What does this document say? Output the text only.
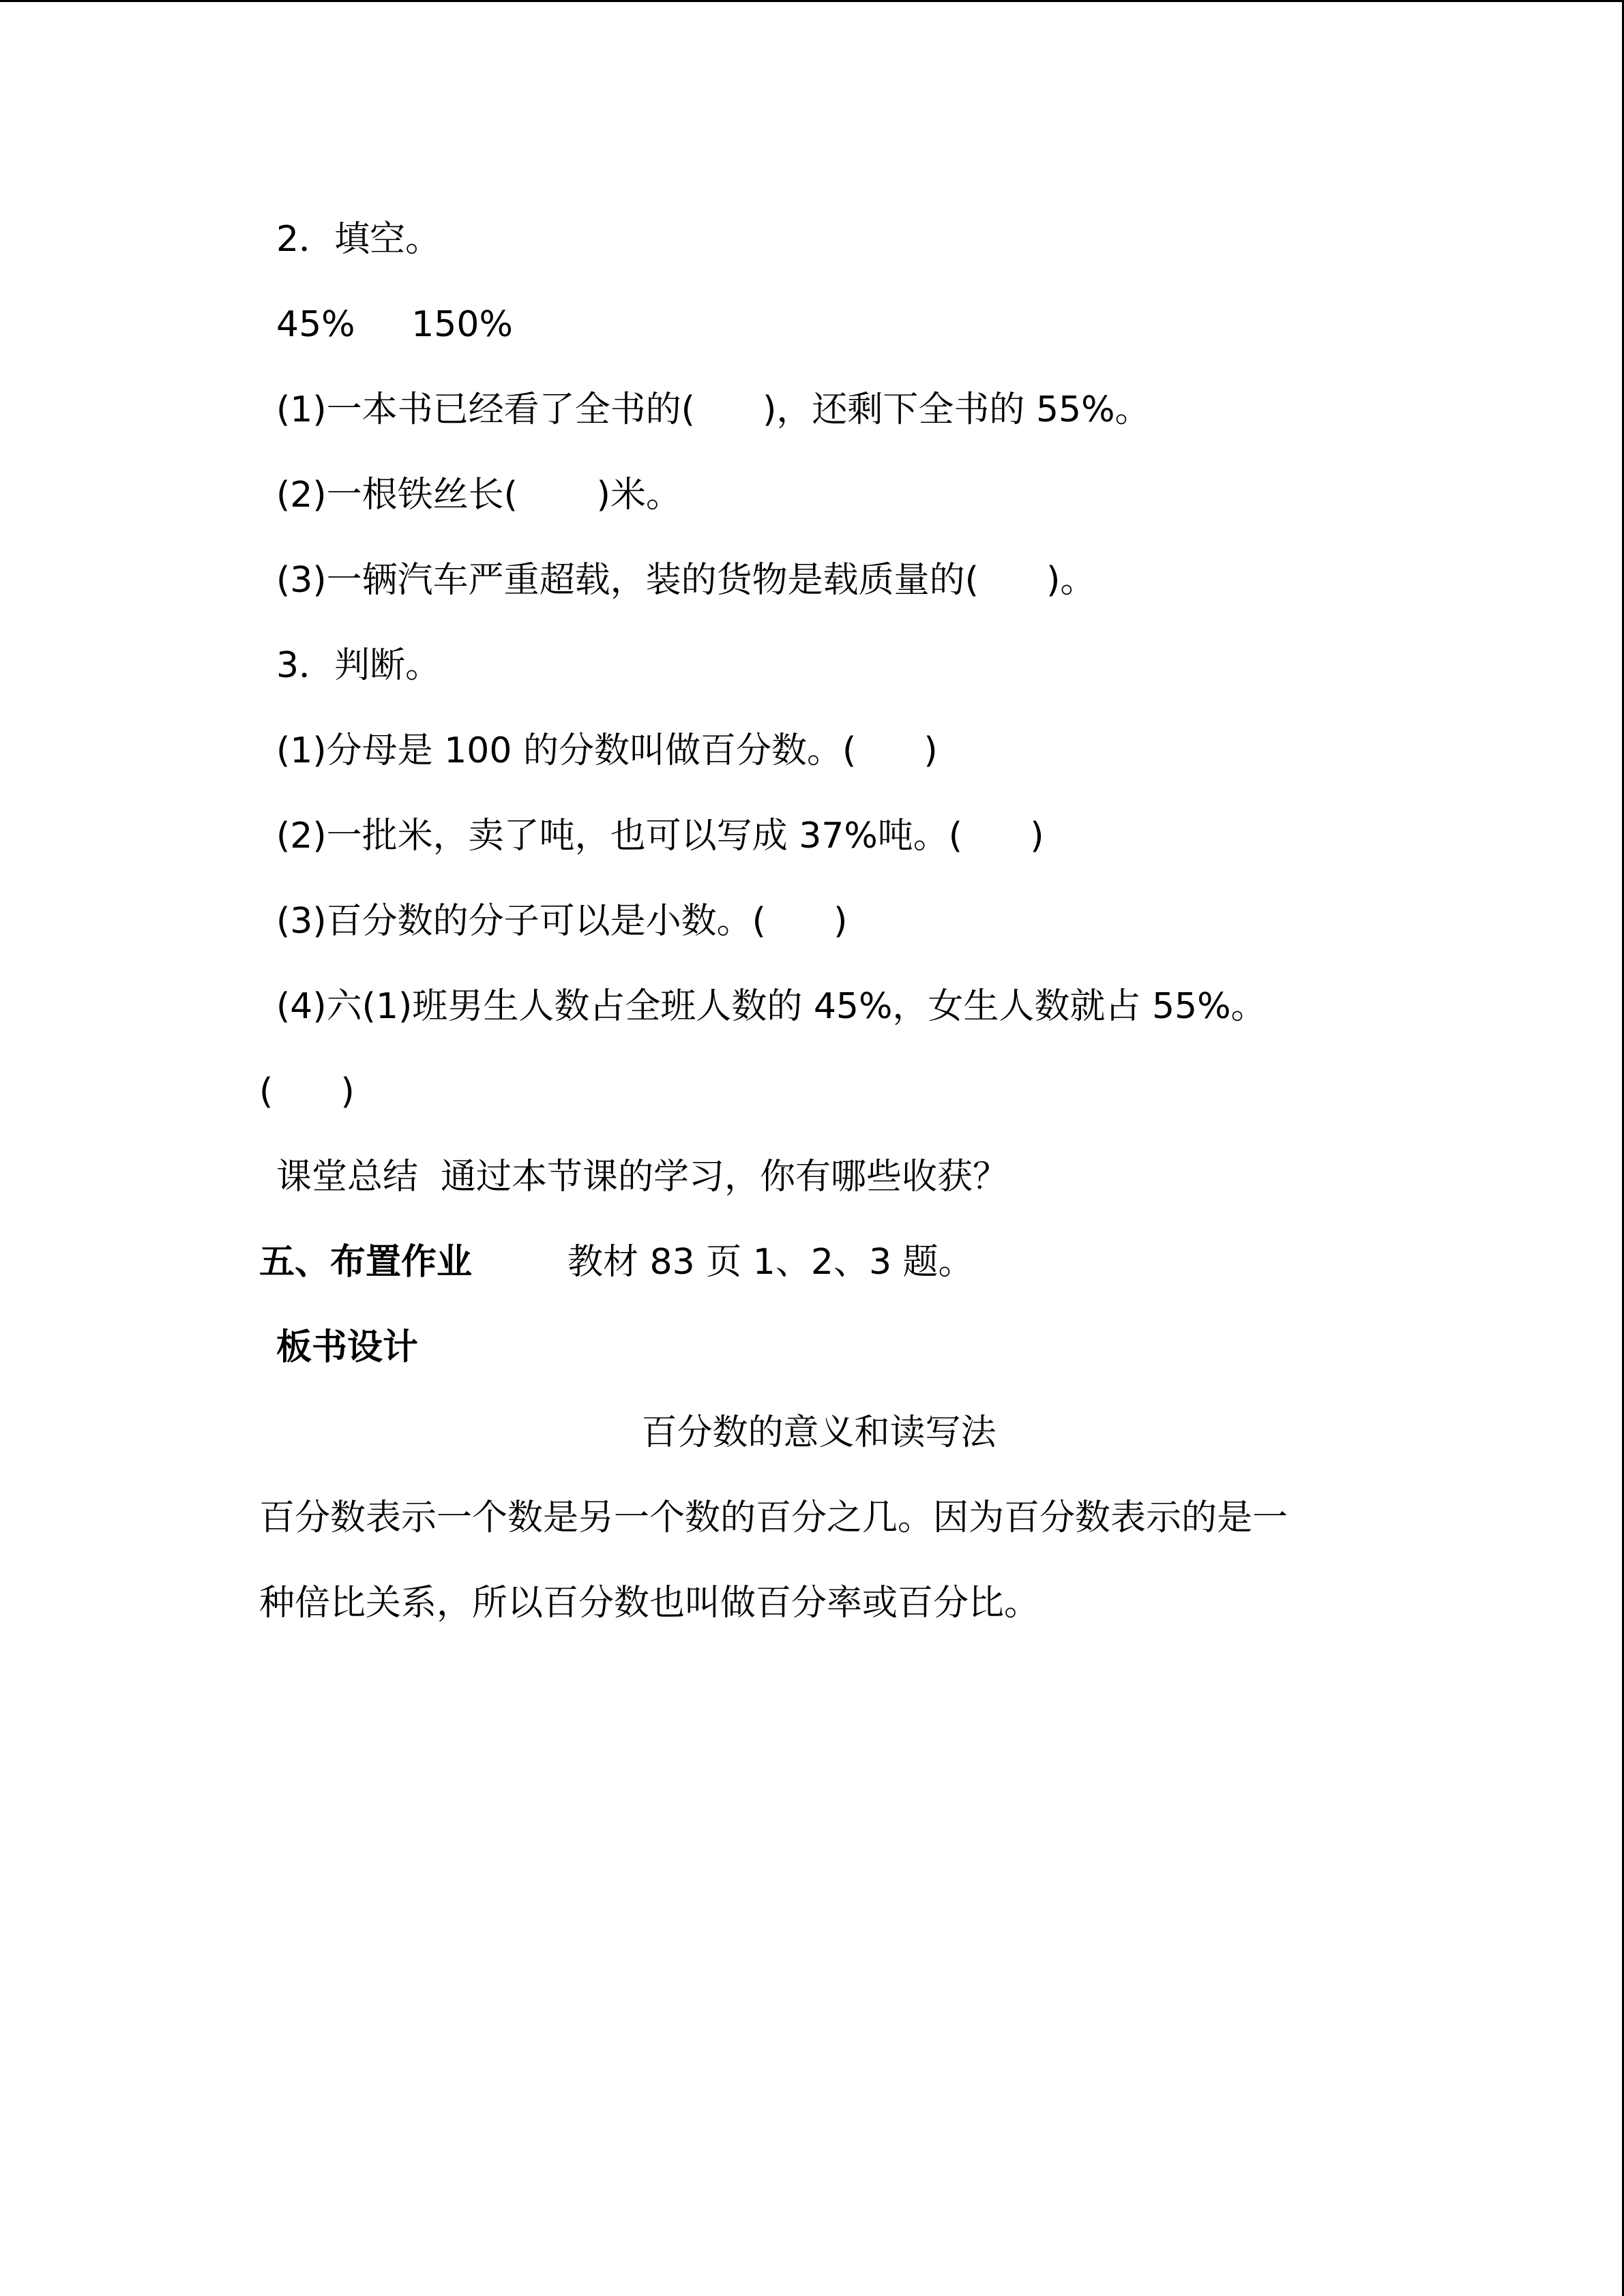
2．填空。
45%     150%
(1)一本书已经看了全书的(      )，还剩下全书的 55%。
(2)一根铁丝长(       )米。
(3)一辆汽车严重超载，装的货物是载质量的(      )。
3．判断。
(1)分母是 100 的分数叫做百分数。(      )
(2)一批米，卖了吨，也可以写成 37%吨。(      )
(3)百分数的分子可以是小数。(      )
(4)六(1)班男生人数占全班人数的 45%，女生人数就占 55%。
(      )
课堂总结  通过本节课的学习，你有哪些收获？
五、布置作业	教材 83 页 1、2、3 题。
板书设计
百分数的意义和读写法
百分数表示一个数是另一个数的百分之几。因为百分数表示的是一
种倍比关系，所以百分数也叫做百分率或百分比。
